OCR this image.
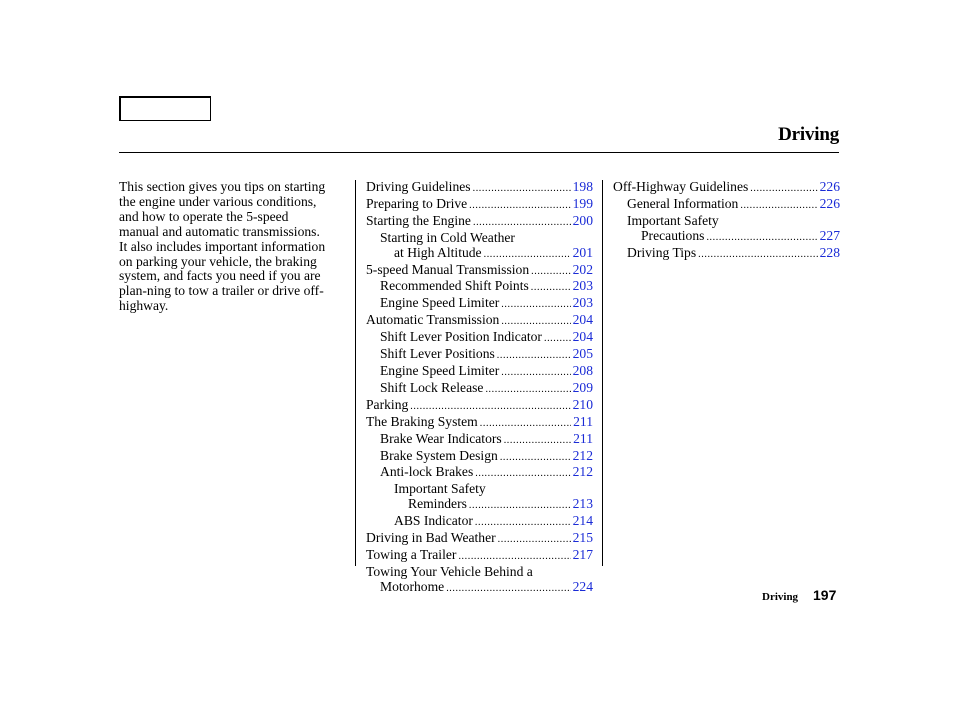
Driving

This section gives you tips on starting the engine under various conditions, and how to operate the 5-speed manual and automatic transmissions. It also includes important information on parking your vehicle, the braking system, and facts you need if you are plan-ning to tow a trailer or drive off-highway.

Driving Guidelines .....	198
Preparing to Drive .....	199
Starting the Engine .....	200
Starting in Cold Weather
at High Altitude .....	201
5-speed Manual Transmission .....	202
Recommended Shift Points .....	203
Engine Speed Limiter .....	203
Automatic Transmission .....	204
Shift Lever Position Indicator ..... 204
Shift Lever Positions .....	205
Engine Speed Limiter .....	208
Shift Lock Release .....	209
Parking .....	210
The Braking System .....	211
Brake Wear Indicators .....	211
Brake System Design .....	212
Anti-lock Brakes .....	212
Important Safety
Reminders .....	213
ABS Indicator .....	214
Driving in Bad Weather .....	215
Towing a Trailer .....	217
Towing Your Vehicle Behind a
Motorhome .....	224
Off-Highway Guidelines .....	226
General Information .....	226
Important Safety
Precautions .....	227
Driving Tips .....	228
Driving 197
